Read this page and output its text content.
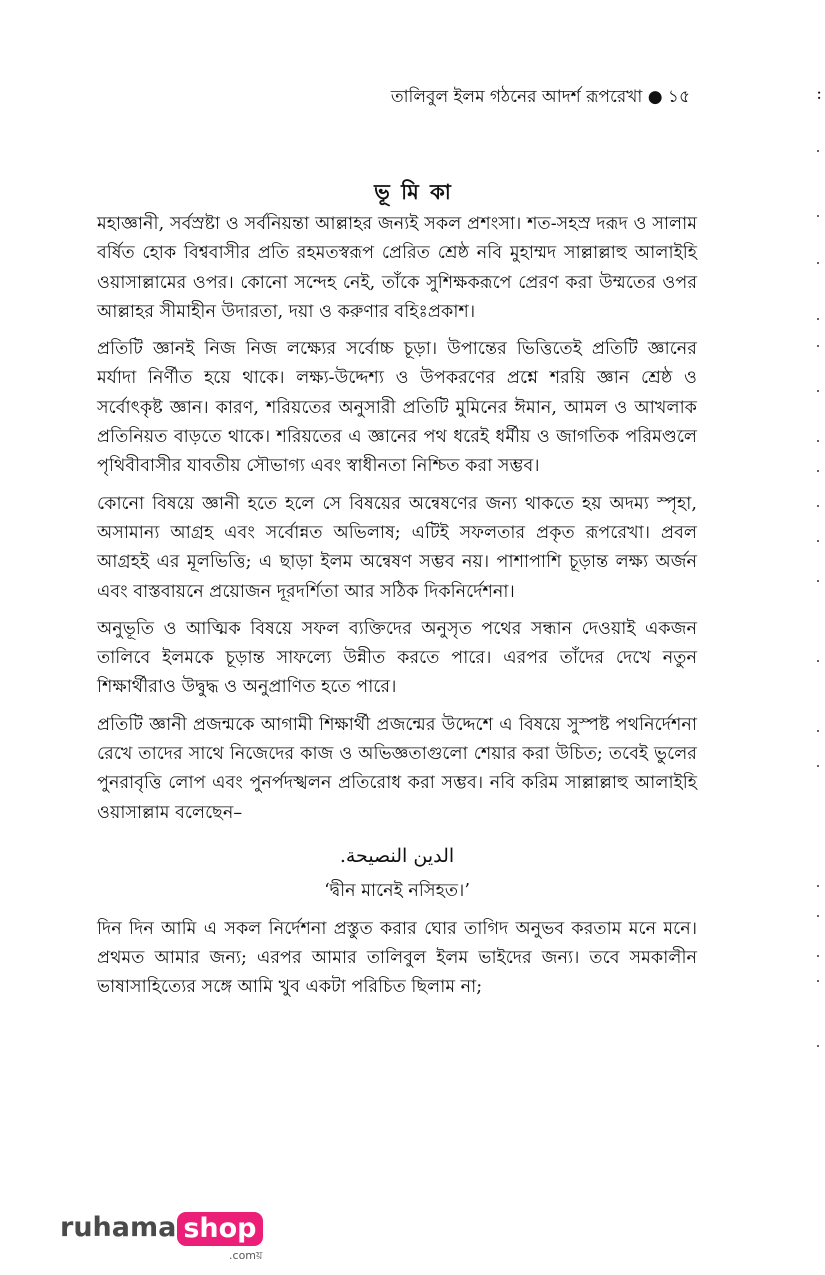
তালিবুল ইলম গঠনের আদর্শ রূপরেখা ● ১৫	:
ভূ মি কা

মহাজ্ঞানী, সর্বস্রষ্টা ও সর্বনিয়ন্তা আল্লাহর জন্যই সকল প্রশংসা। শত-সহস্র দরূদ ও সালাম বর্ষিত হোক বিশ্ববাসীর প্রতি রহমতস্বরূপ প্রেরিত শ্রেষ্ঠ নবি মুহাম্মদ সাল্লাল্লাহু আলাইহি ওয়াসাল্লামের ওপর। কোনো সন্দেহ নেই, তাঁকে সুশিক্ষকরূপে প্রেরণ করা উম্মতের ওপর আল্লাহর সীমাহীন উদারতা, দয়া ও করুণার বহিঃপ্রকাশ।

প্রতিটি জ্ঞানই নিজ নিজ লক্ষ্যের সর্বোচ্চ চূড়া। উপান্তের ভিত্তিতেই প্রতিটি জ্ঞানের মর্যাদা নির্ণীত হয়ে থাকে। লক্ষ্য-উদ্দেশ্য ও উপকরণের প্রশ্নে শরয়ি জ্ঞান শ্রেষ্ঠ ও সর্বোৎকৃষ্ট জ্ঞান। কারণ, শরিয়তের অনুসারী প্রতিটি মুমিনের ঈমান, আমল ও আখলাক প্রতিনিয়ত বাড়তে থাকে। শরিয়তের এ জ্ঞানের পথ ধরেই ধর্মীয় ও জাগতিক পরিমণ্ডলে পৃথিবীবাসীর যাবতীয় সৌভাগ্য এবং স্বাধীনতা নিশ্চিত করা সম্ভব।

কোনো বিষয়ে জ্ঞানী হতে হলে সে বিষয়ের অন্বেষণের জন্য থাকতে হয় অদম্য স্পৃহা, অসামান্য আগ্রহ এবং সর্বোন্নত অভিলাষ; এটিই সফলতার প্রকৃত রূপরেখা। প্রবল আগ্রহই এর মূলভিত্তি; এ ছাড়া ইলম অন্বেষণ সম্ভব নয়। পাশাপাশি চূড়ান্ত লক্ষ্য অর্জন এবং বাস্তবায়নে প্রয়োজন দূরদর্শিতা আর সঠিক দিকনির্দেশনা।

অনুভূতি ও আত্মিক বিষয়ে সফল ব্যক্তিদের অনুসৃত পথের সন্ধান দেওয়াই একজন তালিবে ইলমকে চূড়ান্ত সাফল্যে উন্নীত করতে পারে। এরপর তাঁদের দেখে নতুন শিক্ষার্থীরাও উদ্বুদ্ধ ও অনুপ্রাণিত হতে পারে।

প্রতিটি জ্ঞানী প্রজন্মকে আগামী শিক্ষার্থী প্রজন্মের উদ্দেশে এ বিষয়ে সুস্পষ্ট পথনির্দেশনা রেখে তাদের সাথে নিজেদের কাজ ও অভিজ্ঞতাগুলো শেয়ার করা উচিত; তবেই ভুলের পুনরাবৃত্তি লোপ এবং পুনর্পদস্খলন প্রতিরোধ করা সম্ভব। নবি করিম সাল্লাল্লাহু আলাইহি ওয়াসাল্লাম বলেছেন–

الدين النصيحة.
‘দ্বীন মানেই নসিহত।’

দিন দিন আমি এ সকল নির্দেশনা প্রস্তুত করার ঘোর তাগিদ অনুভব করতাম মনে মনে। প্রথমত আমার জন্য; এরপর আমার তালিবুল ইলম ভাইদের জন্য। তবে সমকালীন ভাষাসাহিত্যের সঙ্গে আমি খুব একটা পরিচিত ছিলাম না;

ruhama shop
.comয়
